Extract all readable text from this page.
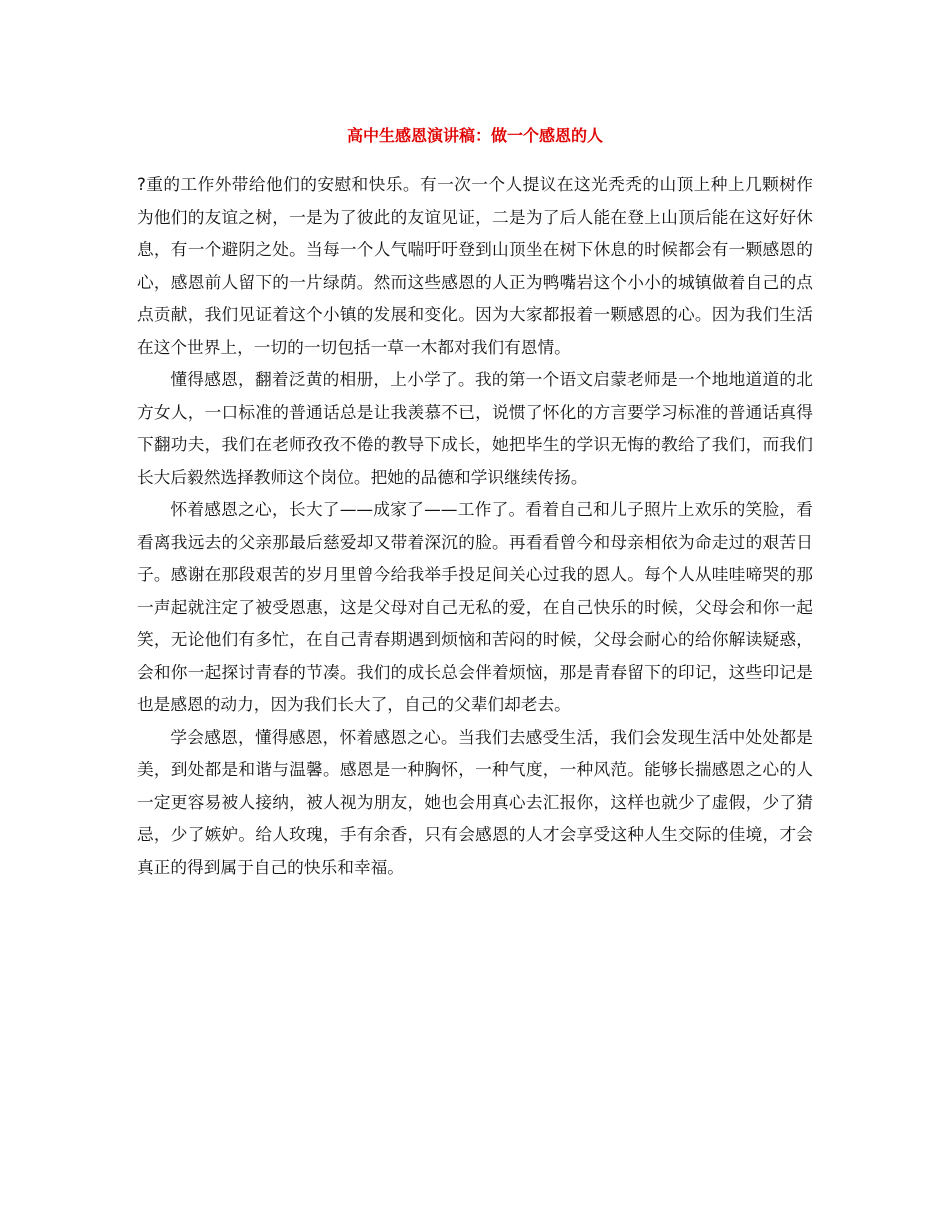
高中生感恩演讲稿：做一个感恩的人

?重的工作外带给他们的安慰和快乐。有一次一个人提议在这光秃秃的山顶上种上几颗树作为他们的友谊之树，一是为了彼此的友谊见证，二是为了后人能在登上山顶后能在这好好休息，有一个避阴之处。当每一个人气喘吁吁登到山顶坐在树下休息的时候都会有一颗感恩的心，感恩前人留下的一片绿荫。然而这些感恩的人正为鸭嘴岩这个小小的城镇做着自己的点点贡献，我们见证着这个小镇的发展和变化。因为大家都报着一颗感恩的心。因为我们生活在这个世界上，一切的一切包括一草一木都对我们有恩情。

懂得感恩，翻着泛黄的相册，上小学了。我的第一个语文启蒙老师是一个地地道道的北方女人，一口标准的普通话总是让我羡慕不已，说惯了怀化的方言要学习标准的普通话真得下翻功夫，我们在老师孜孜不倦的教导下成长，她把毕生的学识无悔的教给了我们，而我们长大后毅然选择教师这个岗位。把她的品德和学识继续传扬。

怀着感恩之心，长大了——成家了——工作了。看着自己和儿子照片上欢乐的笑脸，看看离我远去的父亲那最后慈爱却又带着深沉的脸。再看看曾今和母亲相依为命走过的艰苦日子。感谢在那段艰苦的岁月里曾今给我举手投足间关心过我的恩人。每个人从哇哇啼哭的那一声起就注定了被受恩惠，这是父母对自己无私的爱，在自己快乐的时候，父母会和你一起笑，无论他们有多忙，在自己青春期遇到烦恼和苦闷的时候，父母会耐心的给你解读疑惑，会和你一起探讨青春的节凑。我们的成长总会伴着烦恼，那是青春留下的印记，这些印记是也是感恩的动力，因为我们长大了，自己的父辈们却老去。

学会感恩，懂得感恩，怀着感恩之心。当我们去感受生活，我们会发现生活中处处都是美，到处都是和谐与温馨。感恩是一种胸怀，一种气度，一种风范。能够长揣感恩之心的人一定更容易被人接纳，被人视为朋友，她也会用真心去汇报你，这样也就少了虚假，少了猜忌，少了嫉妒。给人玫瑰，手有余香，只有会感恩的人才会享受这种人生交际的佳境，才会真正的得到属于自己的快乐和幸福。
